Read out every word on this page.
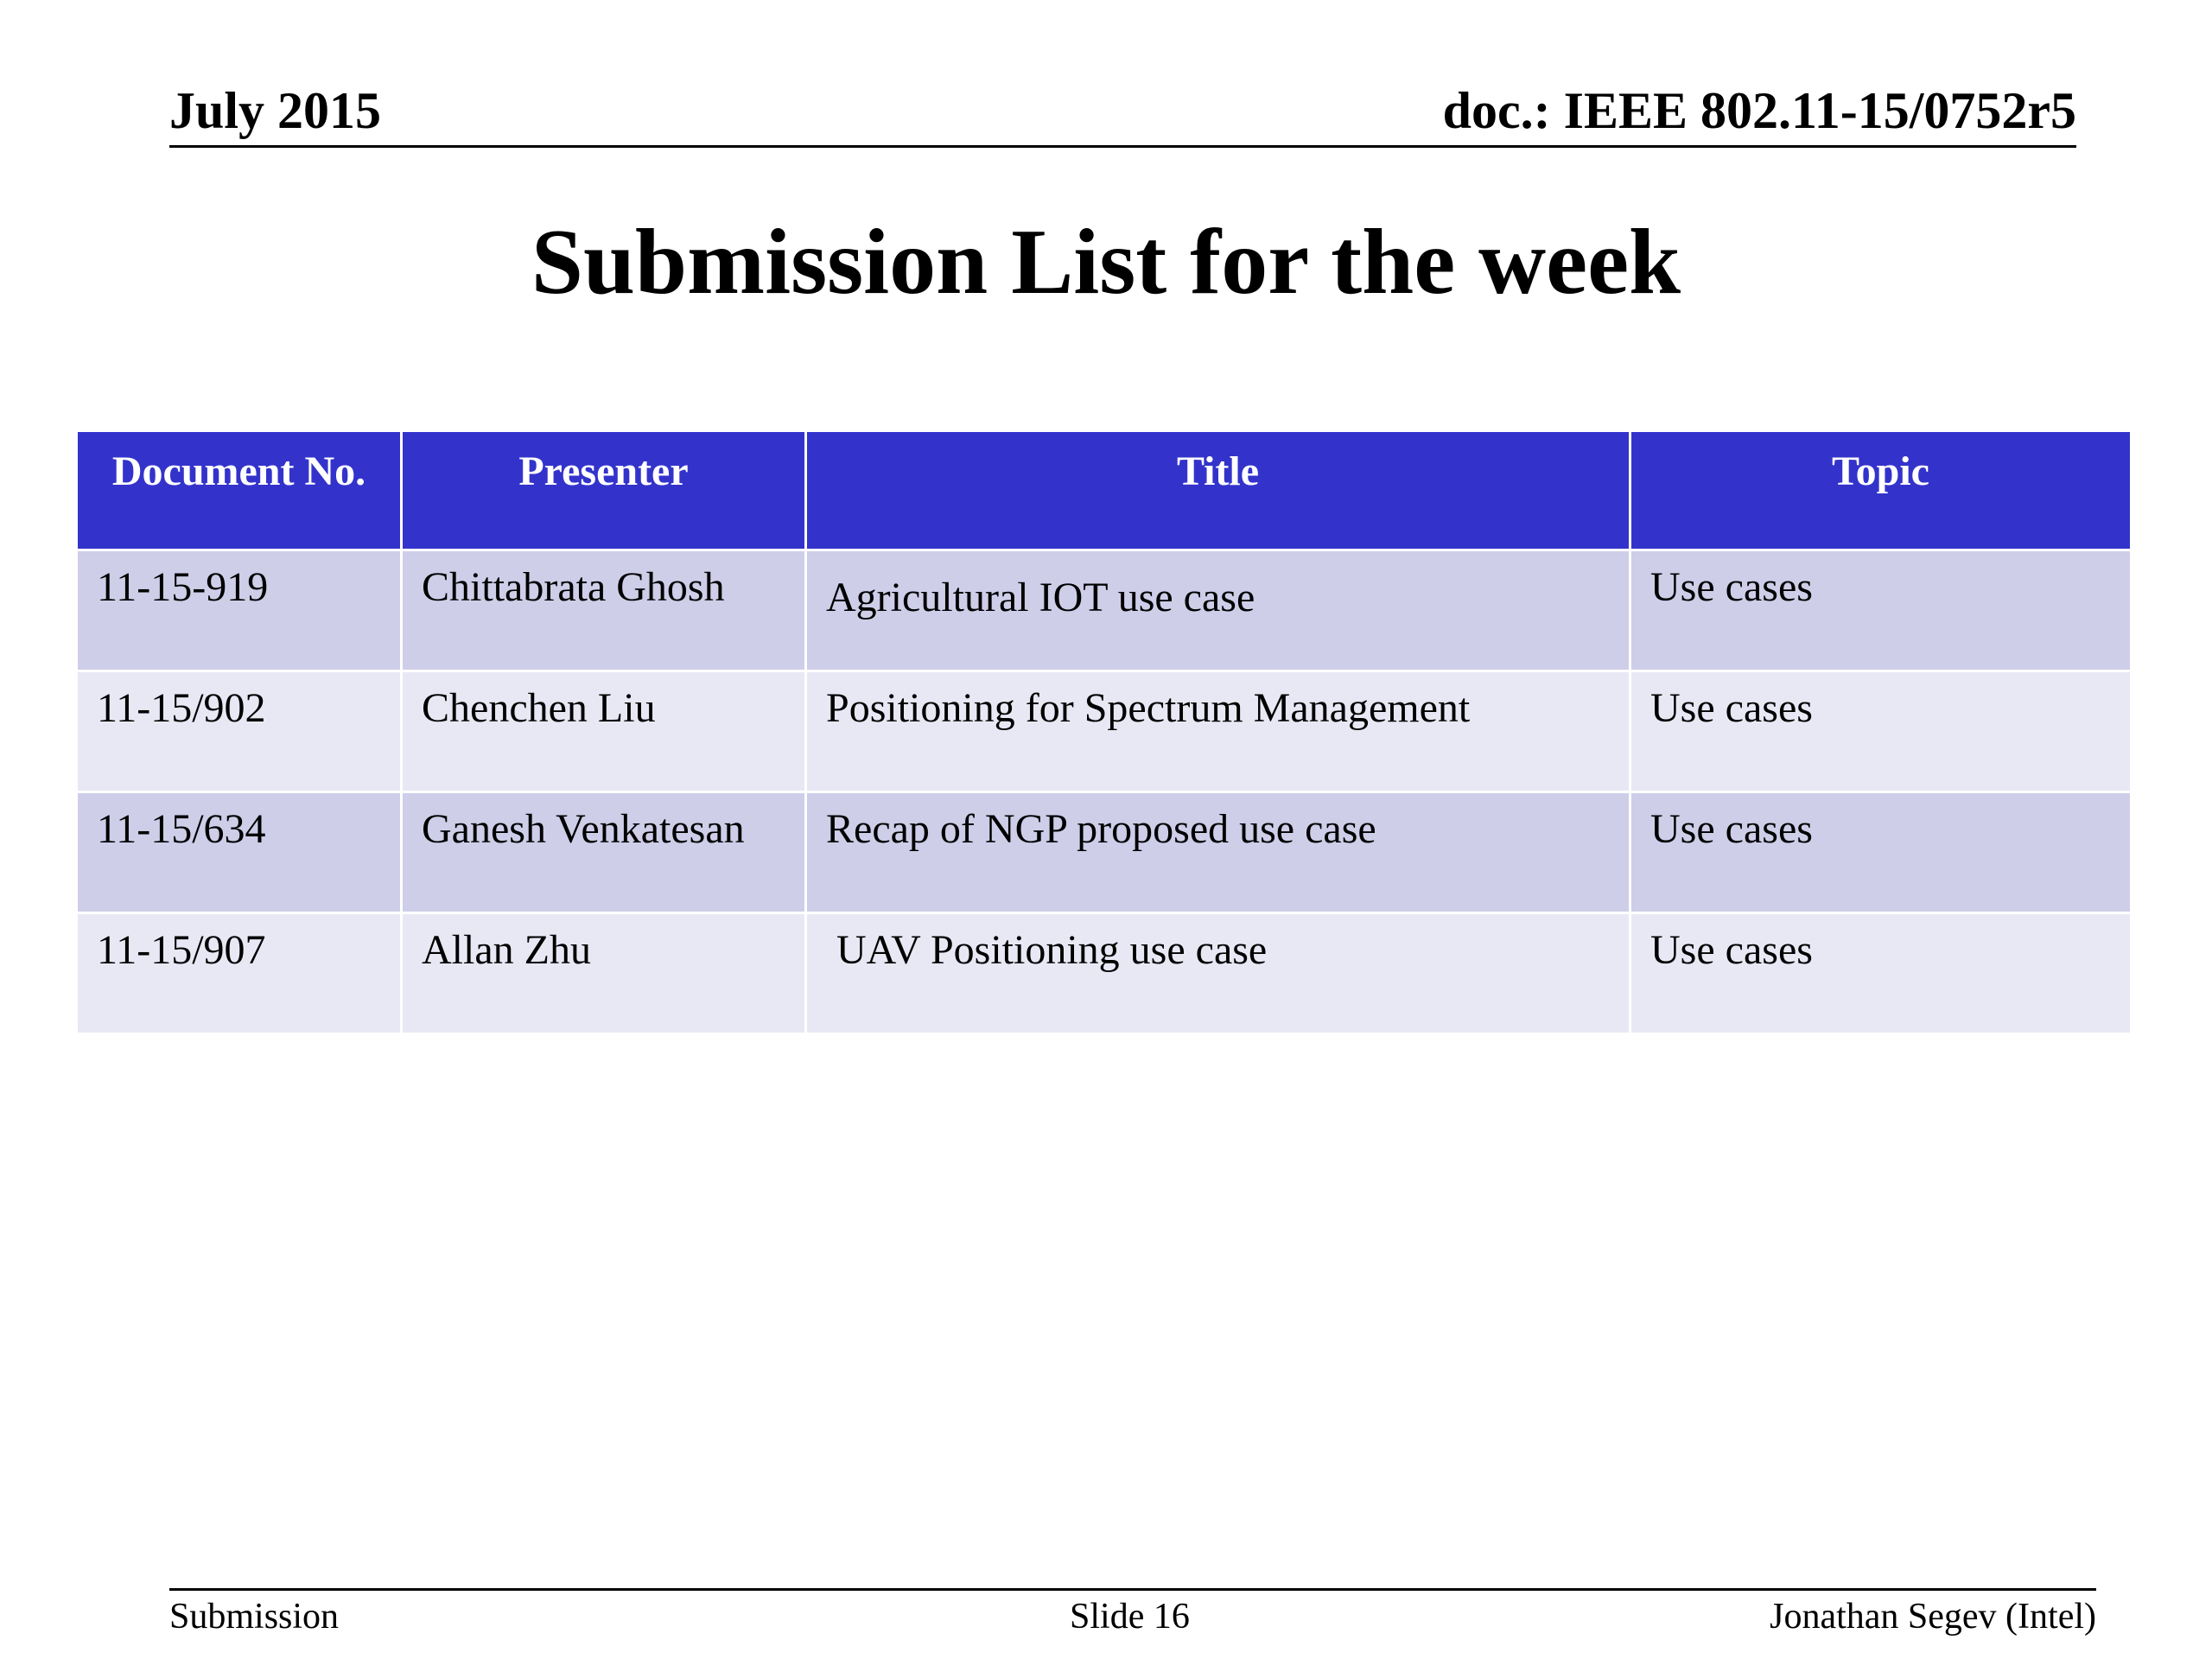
July 2015	doc.: IEEE 802.11-15/0752r5
Submission List for the week
Document No.	Presenter	Title	Topic
11-15-919	Chittabrata Ghosh	Agricultural IOT use case	Use cases
11-15/902	Chenchen Liu	Positioning for Spectrum Management	Use cases
11-15/634	Ganesh Venkatesan	Recap of NGP proposed use case	Use cases
11-15/907	Allan Zhu	UAV Positioning use case	Use cases
Submission	Slide 16	Jonathan Segev (Intel)
